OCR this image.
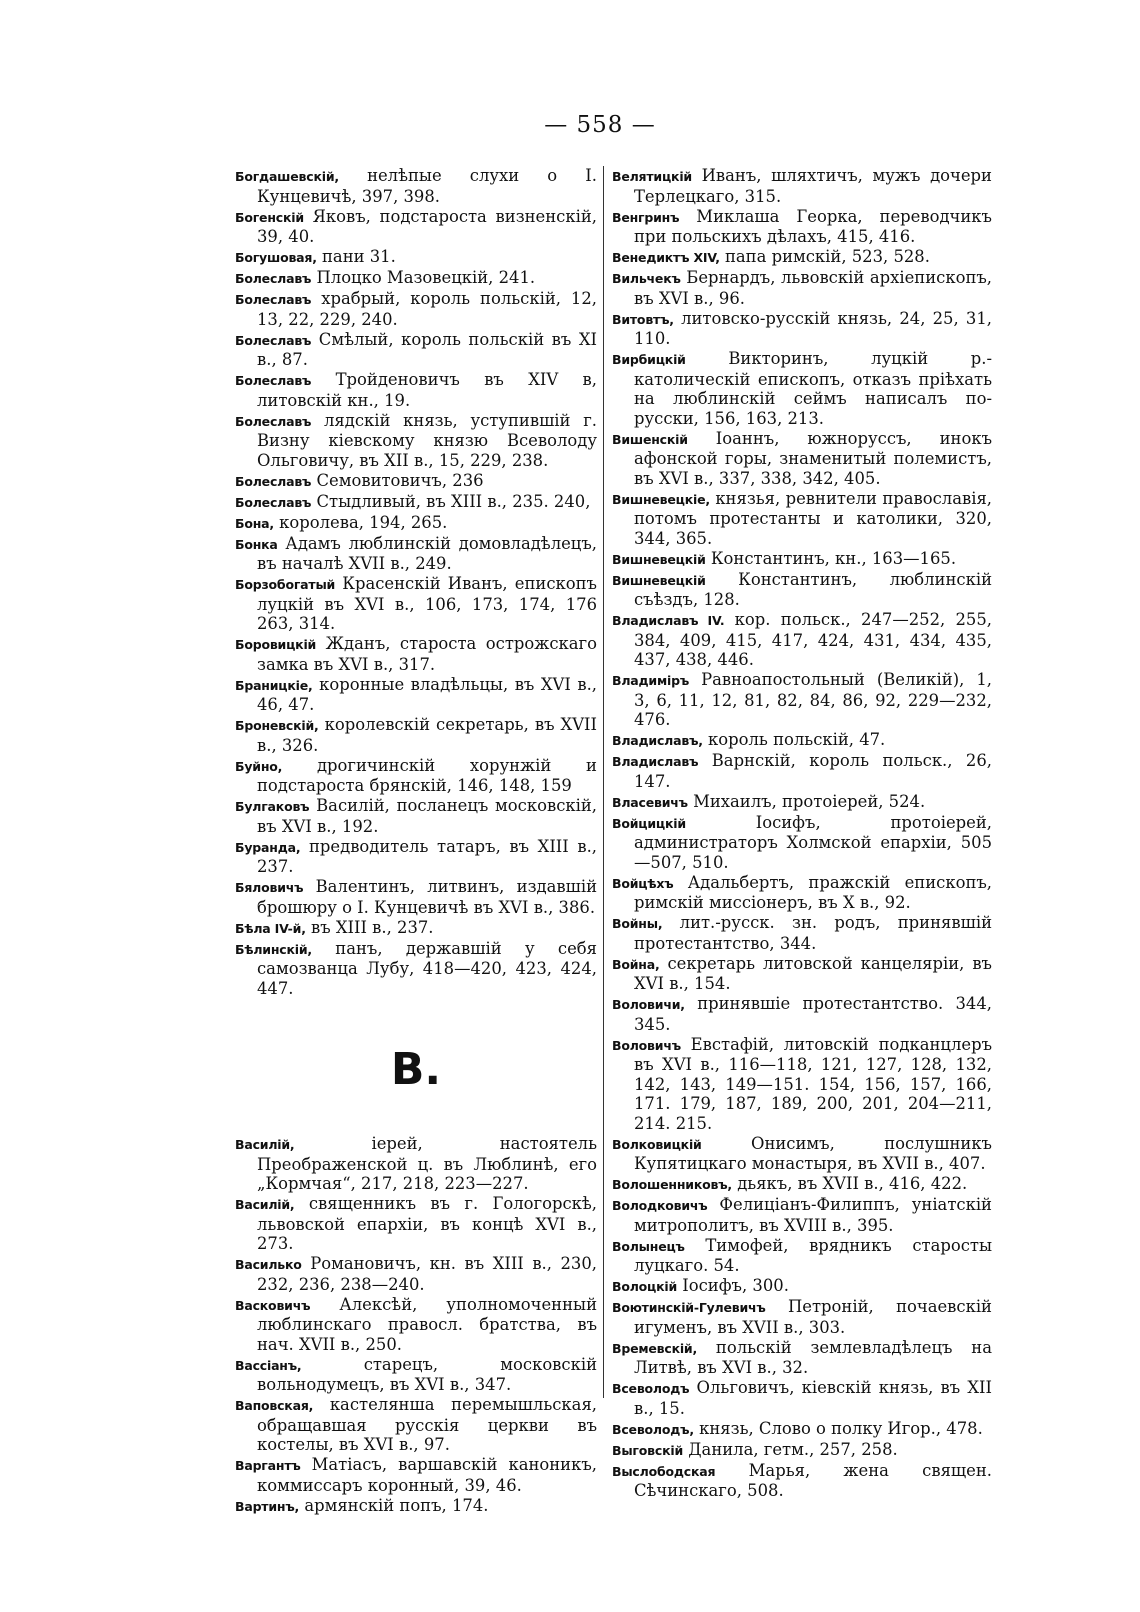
— 558 —
Богдашевскій, нелѣпые слухи о І. Кунцевичѣ, 397, 398.
Богенскій Яковъ, подстароста визненскій, 39, 40.
Богушовая, пани 31.
Болеславъ Плоцко Мазовецкій, 241.
Болеславъ храбрый, король польскій, 12, 13, 22, 229, 240.
Болеславъ Смѣлый, король польскій въ XI в., 87.
Болеславъ Тройденовичъ въ XIV в, литовскій кн., 19.
Болеславъ лядскій князь, уступившій г. Визну кіевскому князю Всеволоду Ольговичу, въ XII в., 15, 229, 238.
Болеславъ Семовитовичъ, 236
Болеславъ Стыдливый, въ XIII в., 235. 240,
Бона, королева, 194, 265.
Бонка Адамъ люблинскій домовладѣлецъ, въ началѣ XVII в., 249.
Борзобогатый Красенскій Иванъ, епископъ луцкій въ XVI в., 106, 173, 174, 176 263, 314.
Боровицкій Жданъ, староста острожскаго замка въ XVI в., 317.
Браницкіе, коронные владѣльцы, въ XVI в., 46, 47.
Броневскій, королевскій секретарь, въ XVII в., 326.
Буйно, дрогичинскій хорунжій и подстароста брянскій, 146, 148, 159
Булгаковъ Василій, посланецъ московскій, въ XVI в., 192.
Буранда, предводитель татаръ, въ XIII в., 237.
Бяловичъ Валентинъ, литвинъ, издавшій брошюру о І. Кунцевичѣ въ XVI в., 386.
Бѣла IV-й, въ XIII в., 237.
Бѣлинскій, панъ, державшій у себя самозванца Лубу, 418—420, 423, 424, 447.
В.
Василій,	іерей, настоятель Преображенской ц. въ Люблинѣ, его „Кормчая“, 217, 218, 223—227.
Василій, священникъ въ г. Гологорскѣ, львовской епархіи, въ концѣ XVI в., 273.
Василько Романовичъ, кн. въ XIII в., 230, 232, 236, 238—240.
Васковичъ Алексѣй, уполномоченный люблинскаго правосл. братства, въ нач. XVII в., 250.
Вассіанъ,	старецъ, московскій вольнодумецъ, въ XVI в., 347.
Ваповская, кастелянша перемышльская, обращавшая русскія церкви въ костелы, въ XVI в., 97.
Варгантъ Матіасъ, варшавскій каноникъ, коммиссаръ коронный, 39, 46.
Вартинъ, армянскій попъ, 174.
Велятицкій Иванъ, шляхтичъ, мужъ дочери Терлецкаго, 315.
Венгринъ Миклаша Георка, переводчикъ при польскихъ дѣлахъ, 415, 416.
Венедиктъ XIV, папа римскій, 523, 528.
Вильчекъ Бернардъ, львовскій архіепископъ, въ XVI в., 96.
Витовтъ, литовско-русскій князь, 24, 25, 31, 110.
Вирбицкій	Викторинъ, луцкій р.-католическій епископъ, отказъ пріѣхать на люблинскій сеймъ написалъ по-русски, 156, 163, 213.
Вишенскій Іоаннъ, южноруссъ, инокъ афонской горы, знаменитый полемистъ, въ XVI в., 337, 338, 342, 405.
Вишневецкіе, князья, ревнители православія, потомъ протестанты и католики, 320, 344, 365.
Вишневецкій Константинъ, кн., 163—165.
Вишневецкій Константинъ, люблинскій съѣздъ, 128.
Владиславъ IV. кор. польск., 247—252, 255, 384, 409, 415, 417, 424, 431, 434, 435, 437, 438, 446.
Владиміръ Равноапостольный (Великій), 1, 3, 6, 11, 12, 81, 82, 84, 86, 92, 229—232, 476.
Владиславъ, король польскій, 47.
Владиславъ Варнскій, король польск., 26, 147.
Власевичъ Михаилъ, протоіерей, 524.
Войцицкій	Іосифъ, протоіерей, администраторъ Холмской епархіи, 505—507, 510.
Войцѣхъ Адальбертъ, пражскій епископъ, римскій миссіонеръ, въ X в., 92.
Войны, лит.-русск. зн. родъ, принявшій протестантство, 344.
Война, секретарь литовской канцеляріи, въ XVI в., 154.
Воловичи, принявшіе протестантство. 344, 345.
Воловичъ Евстафій, литовскій подканцлеръ въ XVI в., 116—118, 121, 127, 128, 132, 142, 143, 149—151. 154, 156, 157, 166, 171. 179, 187, 189, 200, 201, 204—211, 214. 215.
Волковицкій	Онисимъ, послушникъ Купятицкаго монастыря, въ XVII в., 407.
Волошенниковъ, дьякъ, въ XVII в., 416, 422.
Володковичъ Фелиціанъ-Филиппъ, уніатскій митрополитъ, въ XVIII в., 395.
Волынецъ Тимофей, врядникъ старосты луцкаго. 54.
Волоцкій Іосифъ, 300.
Воютинскій-Гулевичъ Петроній, почаевскій игуменъ, въ XVII в., 303.
Времевскій, польскій землевладѣлецъ на Литвѣ, въ XVI в., 32.
Всеволодъ Ольговичъ, кіевскій князь, въ XII в., 15.
Всеволодъ, князь, Слово о полку Игор., 478.
Выговскій Данила, гетм., 257, 258.
Выслободская Марья, жена священ. Сѣчинскаго, 508.
